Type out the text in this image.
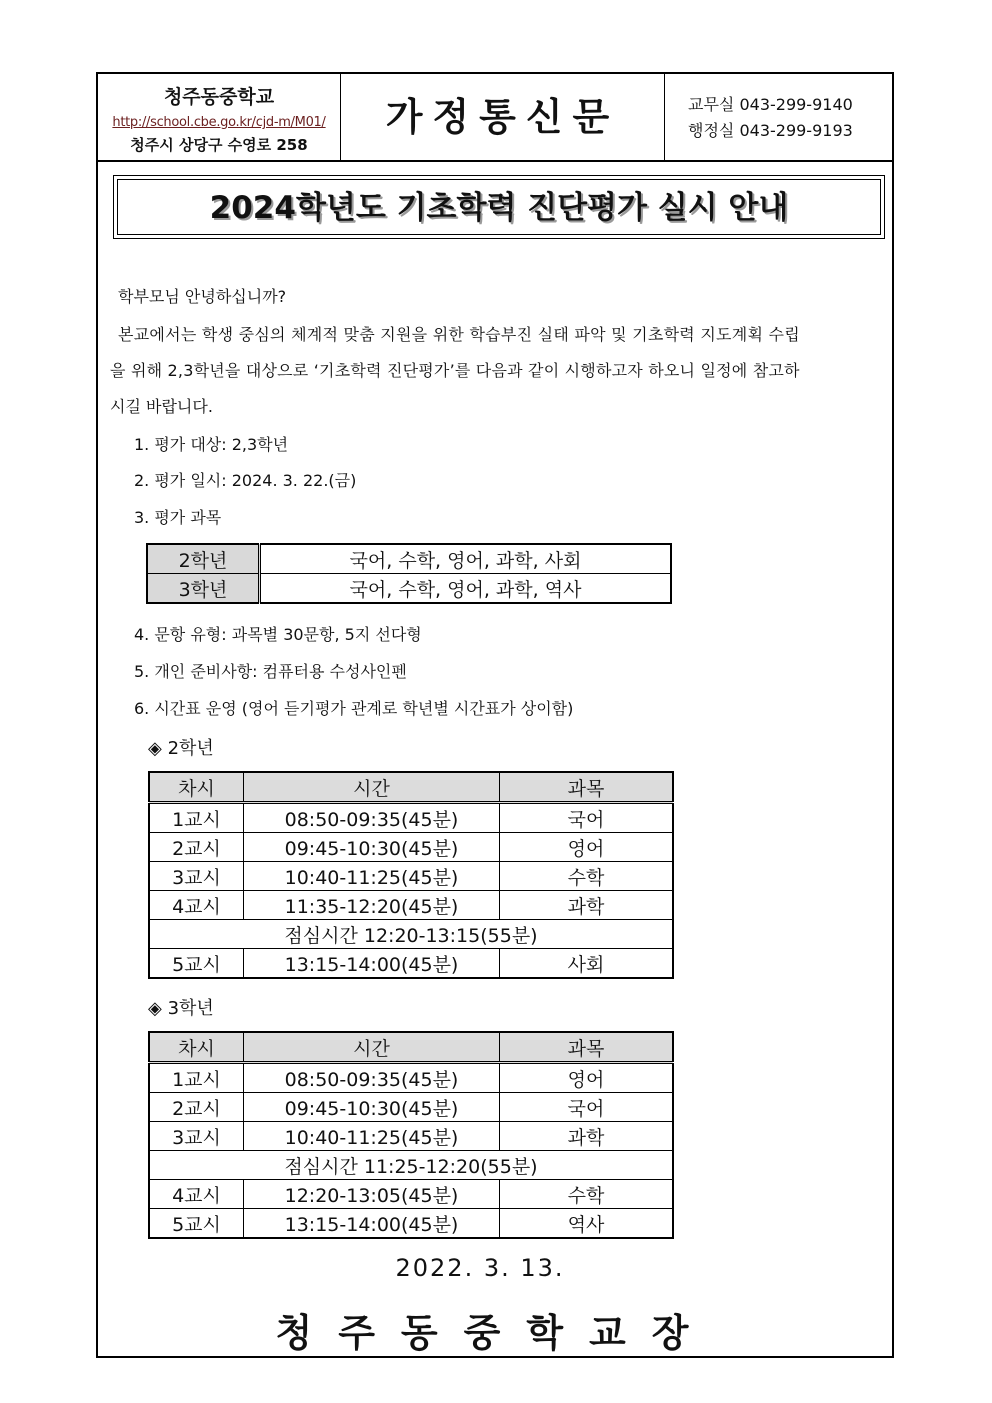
청주동중학교
http://school.cbe.go.kr/cjd-m/M01/
청주시 상당구 수영로 258
가정통신문	교무실 043-299-9140
행정실 043-299-9193
2024학년도 기초학력 진단평가 실시 안내
학부모님 안녕하십니까?
본교에서는 학생 중심의 체계적 맞춤 지원을 위한 학습부진 실태 파악 및 기초학력 지도계획 수립
을 위해 2,3학년을 대상으로 ‘기초학력 진단평가’를 다음과 같이 시행하고자 하오니 일정에 참고하
시길 바랍니다.
1. 평가 대상: 2,3학년
2. 평가 일시: 2024. 3. 22.(금)
3. 평가 과목
2학년	국어, 수학, 영어, 과학, 사회
3학년	국어, 수학, 영어, 과학, 역사
4. 문항 유형: 과목별 30문항, 5지 선다형
5. 개인 준비사항: 컴퓨터용 수성사인펜
6. 시간표 운영 (영어 듣기평가 관계로 학년별 시간표가 상이함)
◈ 2학년
차시	시간	과목
1교시	08:50-09:35(45분)	국어
2교시	09:45-10:30(45분)	영어
3교시	10:40-11:25(45분)	수학
4교시	11:35-12:20(45분)	과학
점심시간 12:20-13:15(55분)		
5교시	13:15-14:00(45분)	사회
◈ 3학년
차시	시간	과목
1교시	08:50-09:35(45분)	영어
2교시	09:45-10:30(45분)	국어
3교시	10:40-11:25(45분)	과학
점심시간 11:25-12:20(55분)		
4교시	12:20-13:05(45분)	수학
5교시	13:15-14:00(45분)	역사
2022. 3. 13.
청주동중학교장
